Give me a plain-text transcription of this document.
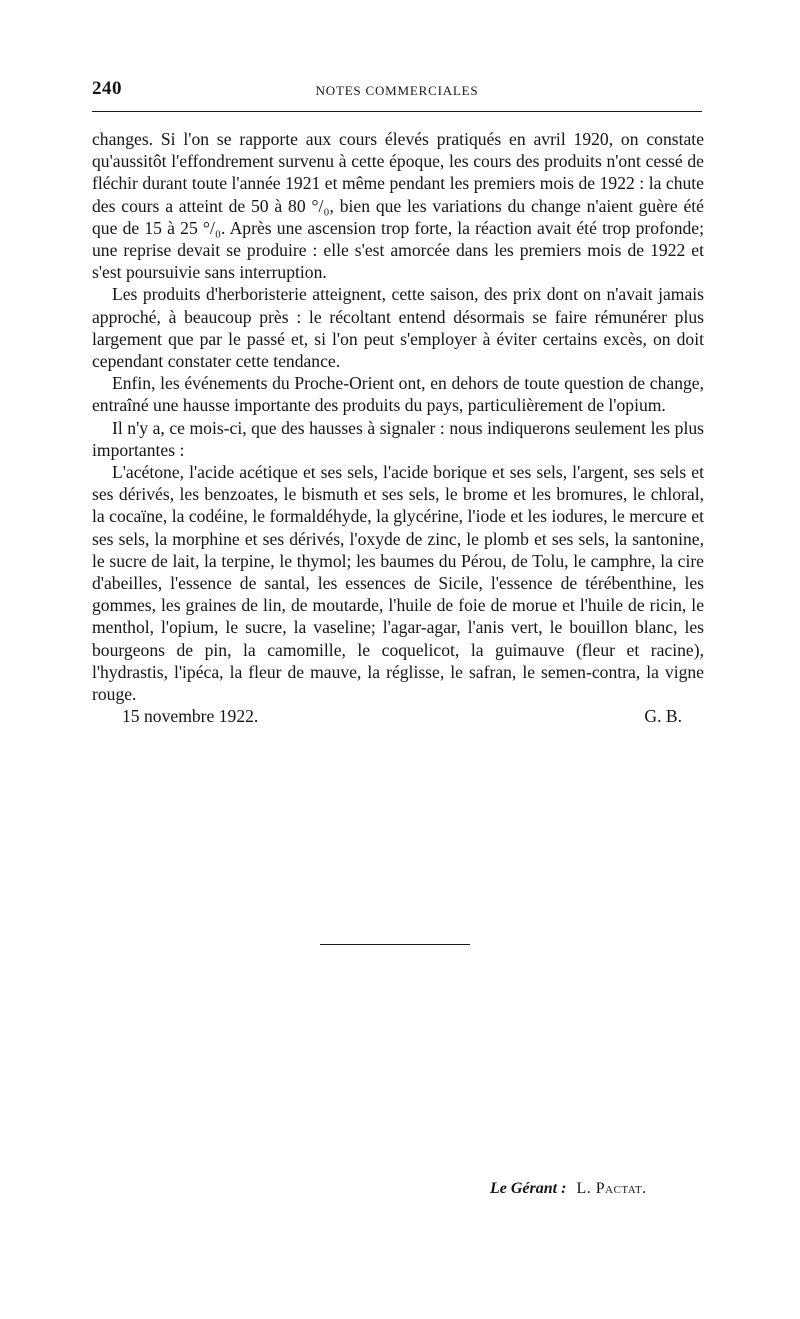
240	NOTES COMMERCIALES

changes. Si l'on se rapporte aux cours élevés pratiqués en avril 1920, on constate qu'aussitôt l'effondrement survenu à cette époque, les cours des produits n'ont cessé de fléchir durant toute l'année 1921 et même pendant les premiers mois de 1922 : la chute des cours a atteint de 50 à 80 °/₀, bien que les variations du change n'aient guère été que de 15 à 25 °/₀. Après une ascension trop forte, la réaction avait été trop profonde; une reprise devait se produire : elle s'est amorcée dans les premiers mois de 1922 et s'est poursuivie sans interruption.

Les produits d'herboristerie atteignent, cette saison, des prix dont on n'avait jamais approché, à beaucoup près : le récoltant entend désormais se faire rémunérer plus largement que par le passé et, si l'on peut s'employer à éviter certains excès, on doit cependant constater cette tendance.

Enfin, les événements du Proche-Orient ont, en dehors de toute question de change, entraîné une hausse importante des produits du pays, particulièrement de l'opium.

Il n'y a, ce mois-ci, que des hausses à signaler : nous indiquerons seulement les plus importantes :

L'acétone, l'acide acétique et ses sels, l'acide borique et ses sels, l'argent, ses sels et ses dérivés, les benzoates, le bismuth et ses sels, le brome et les bromures, le chloral, la cocaïne, la codéine, le formaldéhyde, la glycérine, l'iode et les iodures, le mercure et ses sels, la morphine et ses dérivés, l'oxyde de zinc, le plomb et ses sels, la santonine, le sucre de lait, la terpine, le thymol; les baumes du Pérou, de Tolu, le camphre, la cire d'abeilles, l'essence de santal, les essences de Sicile, l'essence de térébenthine, les gommes, les graines de lin, de moutarde, l'huile de foie de morue et l'huile de ricin, le menthol, l'opium, le sucre, la vaseline; l'agar-agar, l'anis vert, le bouillon blanc, les bourgeons de pin, la camomille, le coquelicot, la guimauve (fleur et racine), l'hydrastis, l'ipéca, la fleur de mauve, la réglisse, le safran, le semen-contra, la vigne rouge.

15 novembre 1922.	G. B.
Le Gérant : L. Pactat.
